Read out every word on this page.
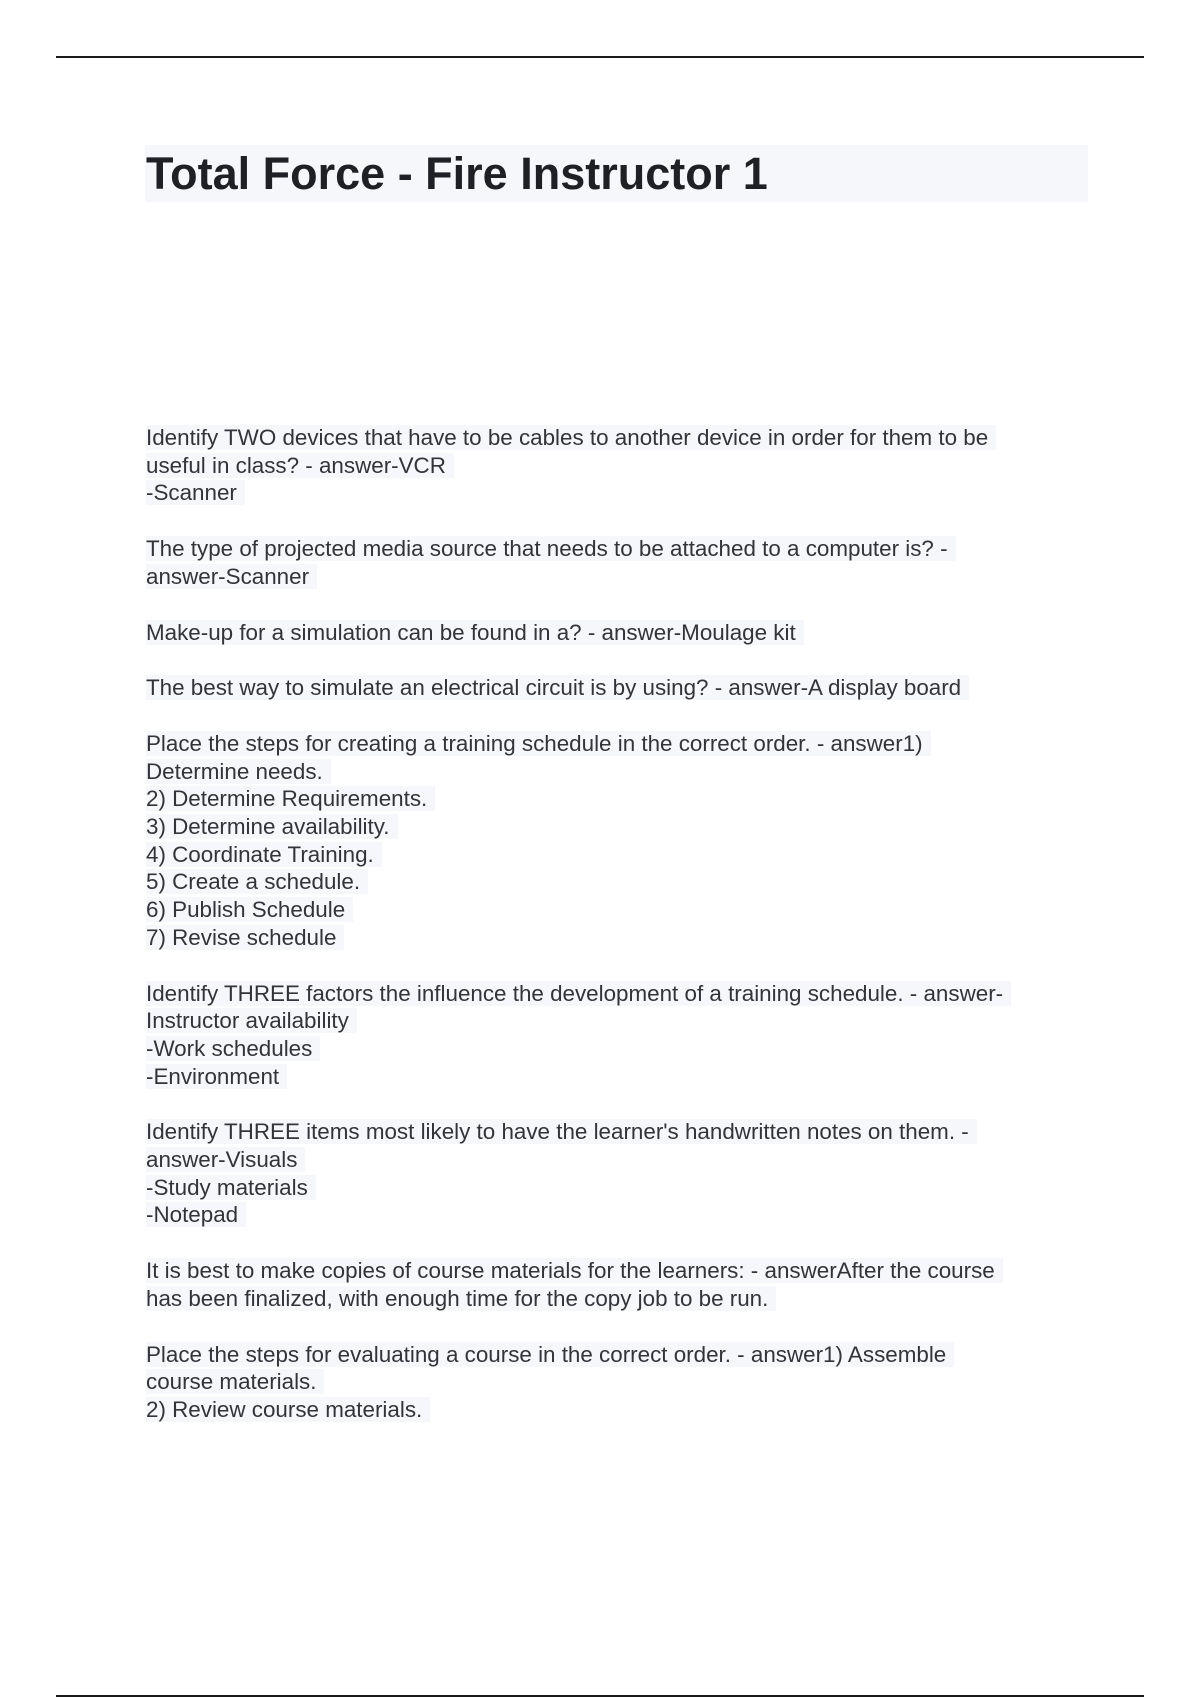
Total Force - Fire Instructor 1

Identify TWO devices that have to be cables to another device in order for them to be
useful in class? - answer-VCR
-Scanner

The type of projected media source that needs to be attached to a computer is? -
answer-Scanner

Make-up for a simulation can be found in a? - answer-Moulage kit

The best way to simulate an electrical circuit is by using? - answer-A display board

Place the steps for creating a training schedule in the correct order. - answer1)
Determine needs.
2) Determine Requirements.
3) Determine availability.
4) Coordinate Training.
5) Create a schedule.
6) Publish Schedule
7) Revise schedule

Identify THREE factors the influence the development of a training schedule. - answer-
Instructor availability
-Work schedules
-Environment

Identify THREE items most likely to have the learner's handwritten notes on them. -
answer-Visuals
-Study materials
-Notepad

It is best to make copies of course materials for the learners: - answerAfter the course
has been finalized, with enough time for the copy job to be run.

Place the steps for evaluating a course in the correct order. - answer1) Assemble
course materials.
2) Review course materials.
